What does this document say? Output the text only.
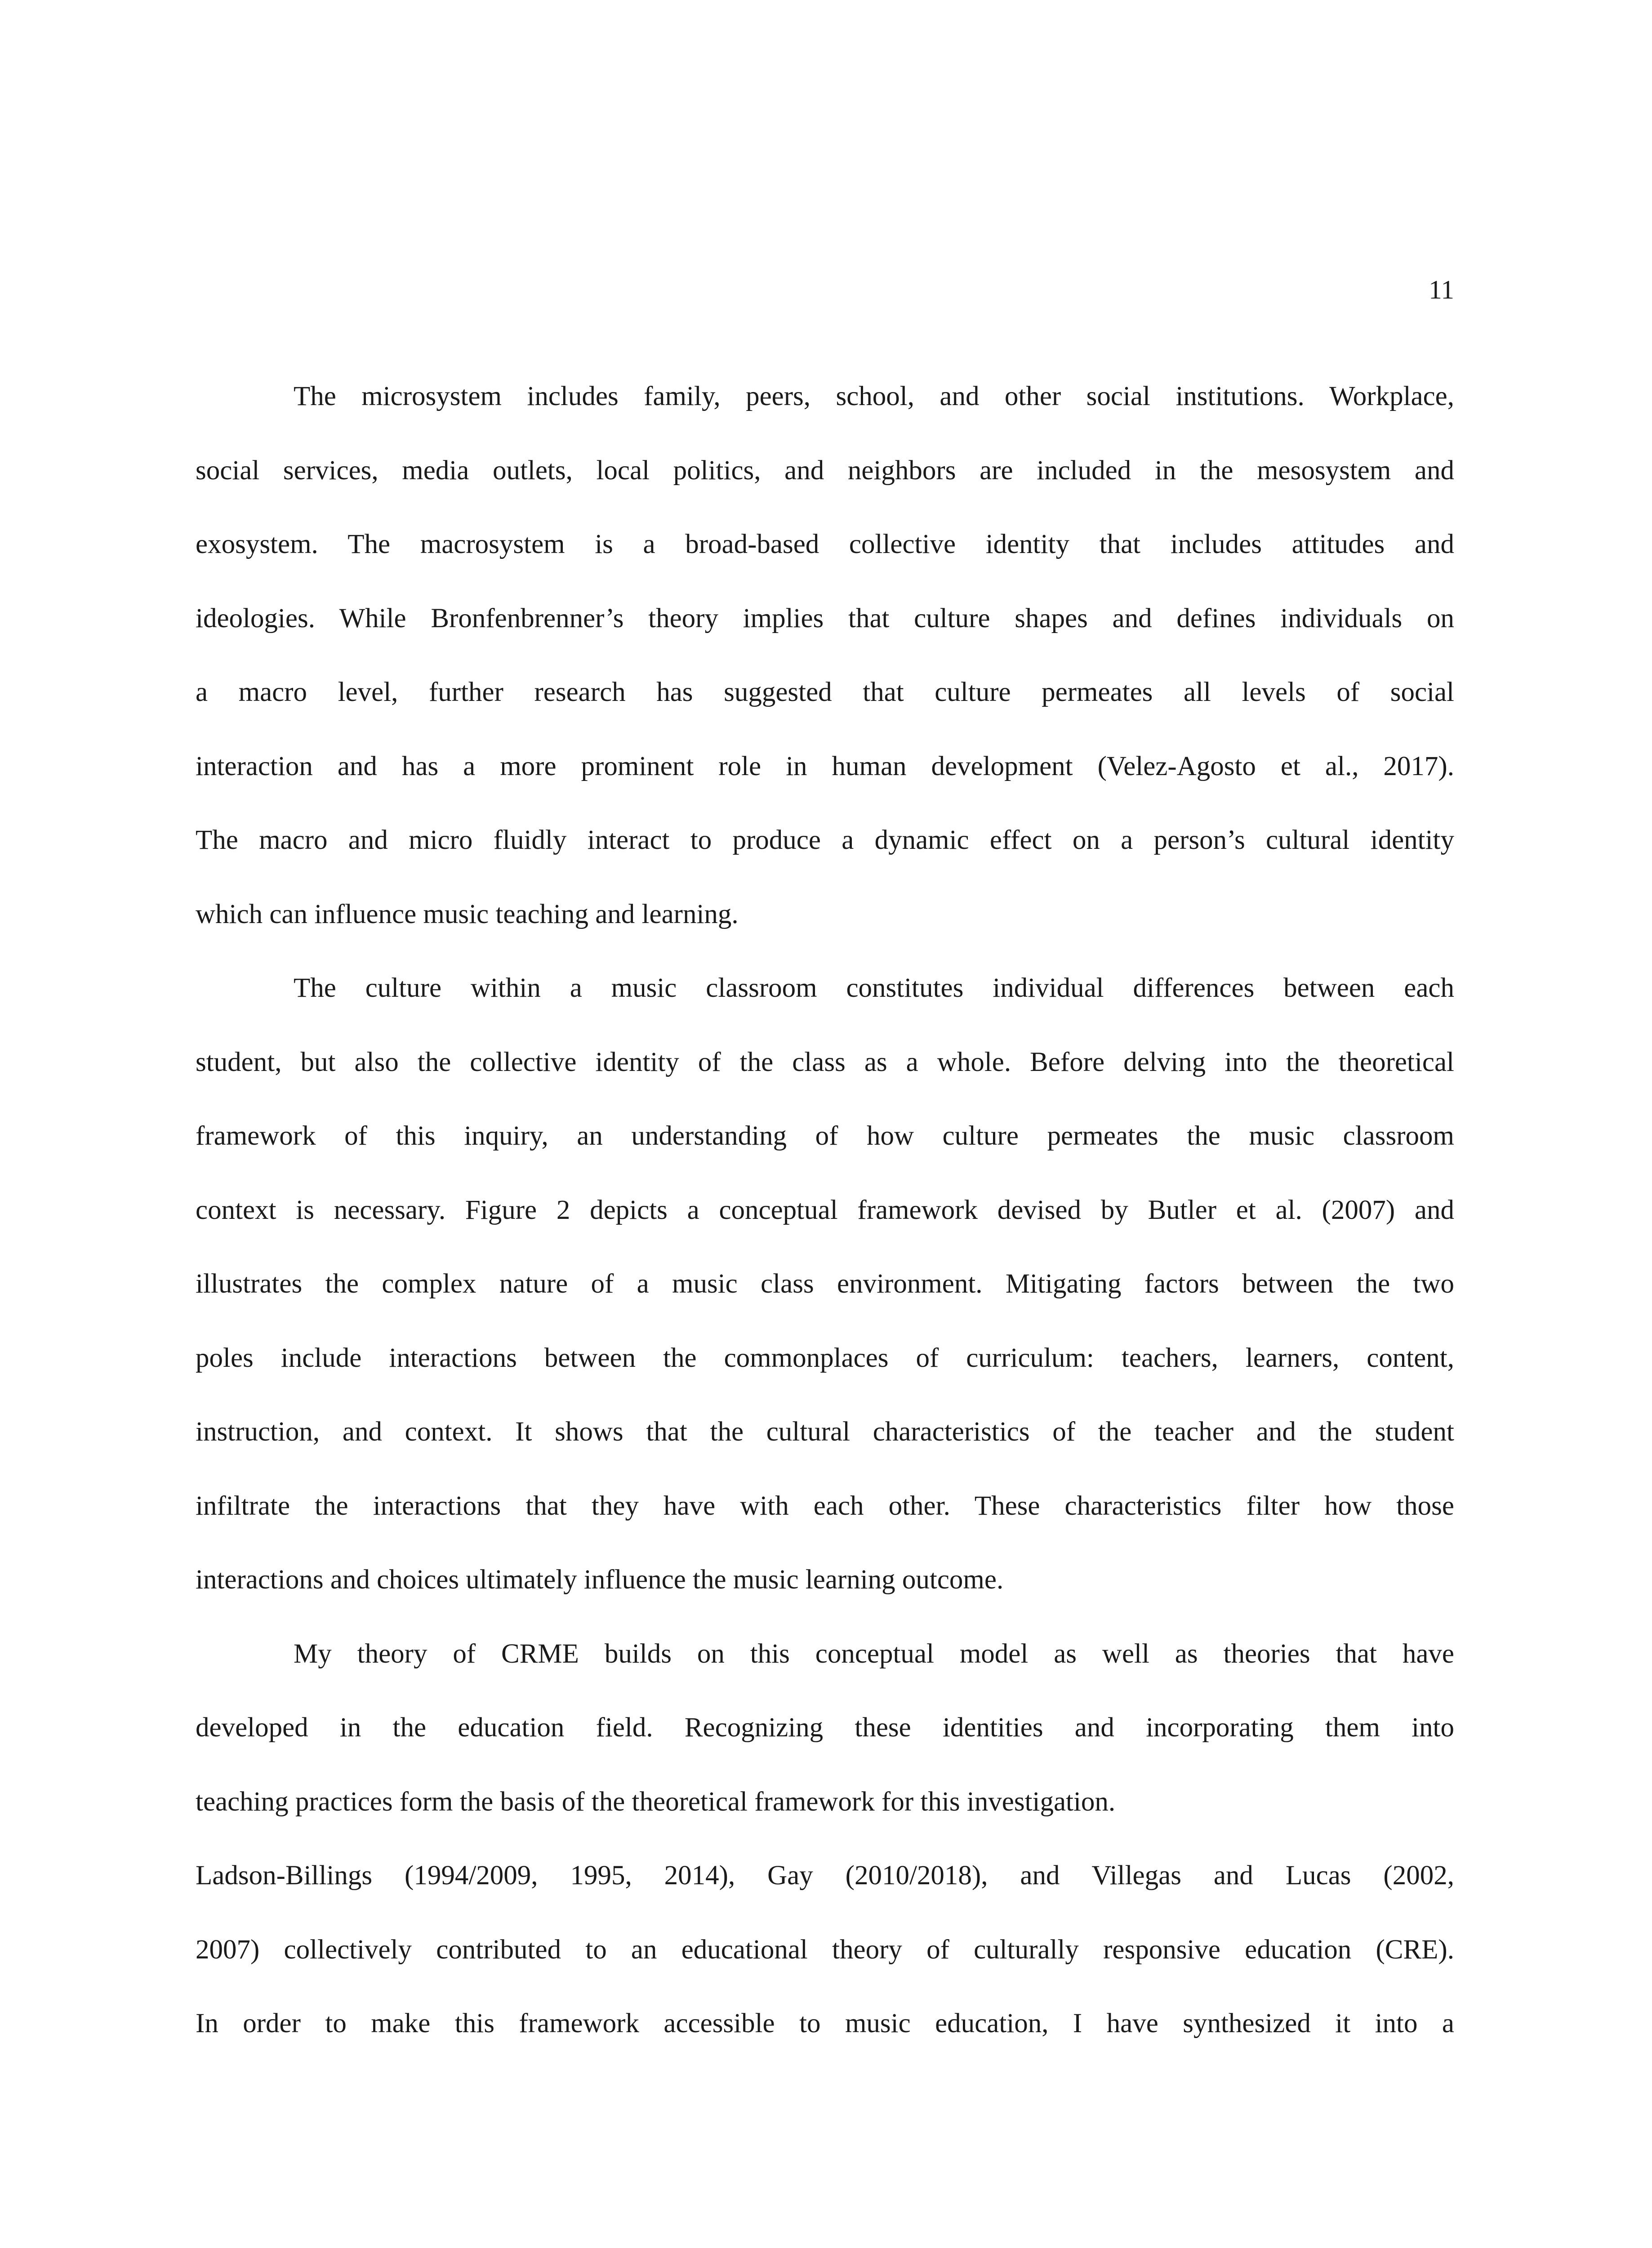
11
The microsystem includes family, peers, school, and other social institutions. Workplace,
social services, media outlets, local politics, and neighbors are included in the mesosystem and
exosystem. The macrosystem is a broad-based collective identity that includes attitudes and
ideologies. While Bronfenbrenner’s theory implies that culture shapes and defines individuals on
a macro level, further research has suggested that culture permeates all levels of social
interaction and has a more prominent role in human development (Velez-Agosto et al., 2017).
The macro and micro fluidly interact to produce a dynamic effect on a person’s cultural identity
which can influence music teaching and learning.
The culture within a music classroom constitutes individual differences between each
student, but also the collective identity of the class as a whole. Before delving into the theoretical
framework of this inquiry, an understanding of how culture permeates the music classroom
context is necessary. Figure 2 depicts a conceptual framework devised by Butler et al. (2007) and
illustrates the complex nature of a music class environment. Mitigating factors between the two
poles include interactions between the commonplaces of curriculum: teachers, learners, content,
instruction, and context. It shows that the cultural characteristics of the teacher and the student
infiltrate the interactions that they have with each other. These characteristics filter how those
interactions and choices ultimately influence the music learning outcome.
My theory of CRME builds on this conceptual model as well as theories that have
developed in the education field. Recognizing these identities and incorporating them into
teaching practices form the basis of the theoretical framework for this investigation.
Ladson-Billings (1994/2009, 1995, 2014), Gay (2010/2018), and Villegas and Lucas (2002,
2007) collectively contributed to an educational theory of culturally responsive education (CRE).
In order to make this framework accessible to music education, I have synthesized it into a
